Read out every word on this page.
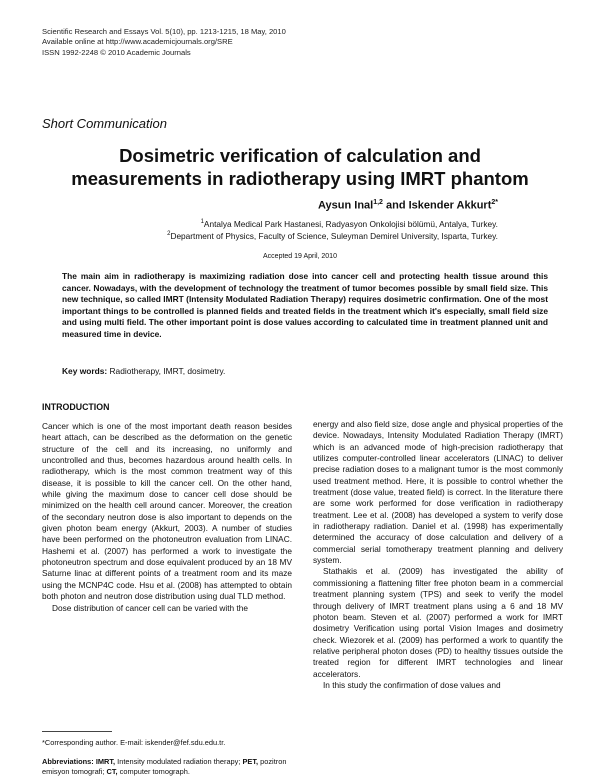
Scientific Research and Essays Vol. 5(10), pp. 1213-1215, 18 May, 2010
Available online at http://www.academicjournals.org/SRE
ISSN 1992-2248 © 2010 Academic Journals
Short Communication
Dosimetric verification of calculation and measurements in radiotherapy using IMRT phantom
Aysun Inal$^{1,2}$ and Iskender Akkurt$^{2*}$
$^1$Antalya Medical Park Hastanesi, Radyasyon Onkolojisi bölümü, Antalya, Turkey.
$^2$Department of Physics, Faculty of Science, Suleyman Demirel University, Isparta, Turkey.
Accepted 19 April, 2010
The main aim in radiotherapy is maximizing radiation dose into cancer cell and protecting health tissue around this cancer. Nowadays, with the development of technology the treatment of tumor becomes possible by small field size. This new technique, so called IMRT (Intensity Modulated Radiation Therapy) requires dosimetric confirmation. One of the most important things to be controlled is planned fields and treated fields in the treatment which it's especially, small field size and using multi field. The other important point is dose values according to calculated time in treatment planned unit and measured time in device.
Key words: Radiotherapy, IMRT, dosimetry.
INTRODUCTION

Cancer which is one of the most important death reason besides heart attach, can be described as the deformation on the genetic structure of the cell and its increasing, no uniformly and uncontrolled and thus, becomes hazardous around health cells. In radiotherapy, which is the most common treatment way of this disease, it is possible to kill the cancer cell. On the other hand, while giving the maximum dose to cancer cell dose should be minimized on the health cell around cancer. Moreover, the creation of the secondary neutron dose is also important to depends on the given photon beam energy (Akkurt, 2003). A number of studies have been performed on the photoneutron evaluation from LINAC. Hashemi et al. (2007) has performed a work to investigate the photoneutron spectrum and dose equivalent produced by an 18 MV Saturne linac at different points of a treatment room and its maze using the MCNP4C code. Hsu et al. (2008) has attempted to obtain both photon and neutron dose distribution using dual TLD method.

Dose distribution of cancer cell can be varied with the

energy and also field size, dose angle and physical properties of the device. Nowadays, Intensity Modulated Radiation Therapy (IMRT) which is an advanced mode of high-precision radiotherapy that utilizes computer-controlled linear accelerators (LINAC) to deliver precise radiation doses to a malignant tumor is the most commonly used treatment method. Here, it is possible to control whether the treatment (dose value, treated field) is correct. In the literature there are some work performed for dose verification in radiotherapy treatment. Lee et al. (2008) has developed a system to verify dose in radiotherapy radiation. Daniel et al. (1998) has experimentally determined the accuracy of dose calculation and delivery of a commercial serial tomotherapy treatment planning and delivery system.

Stathakis et al. (2009) has investigated the ability of commissioning a flattening filter free photon beam in a commercial treatment planning system (TPS) and seek to verify the model through delivery of IMRT treatment plans using a 6 and 18 MV photon beam. Steven et al. (2007) performed a work for IMRT dosimetry Verification using portal Vision Images and dosimetry check. Wiezorek et al. (2009) has performed a work to quantify the relative peripheral photon doses (PD) to healthy tissues outside the treated region for different IMRT technologies and linear accelerators.

In this study the confirmation of dose values and

*Corresponding author. E-mail: iskender@fef.sdu.edu.tr.
Abbreviations: IMRT, Intensity modulated radiation therapy; PET, pozitron emisyon tomografi; CT, computer tomograph.
